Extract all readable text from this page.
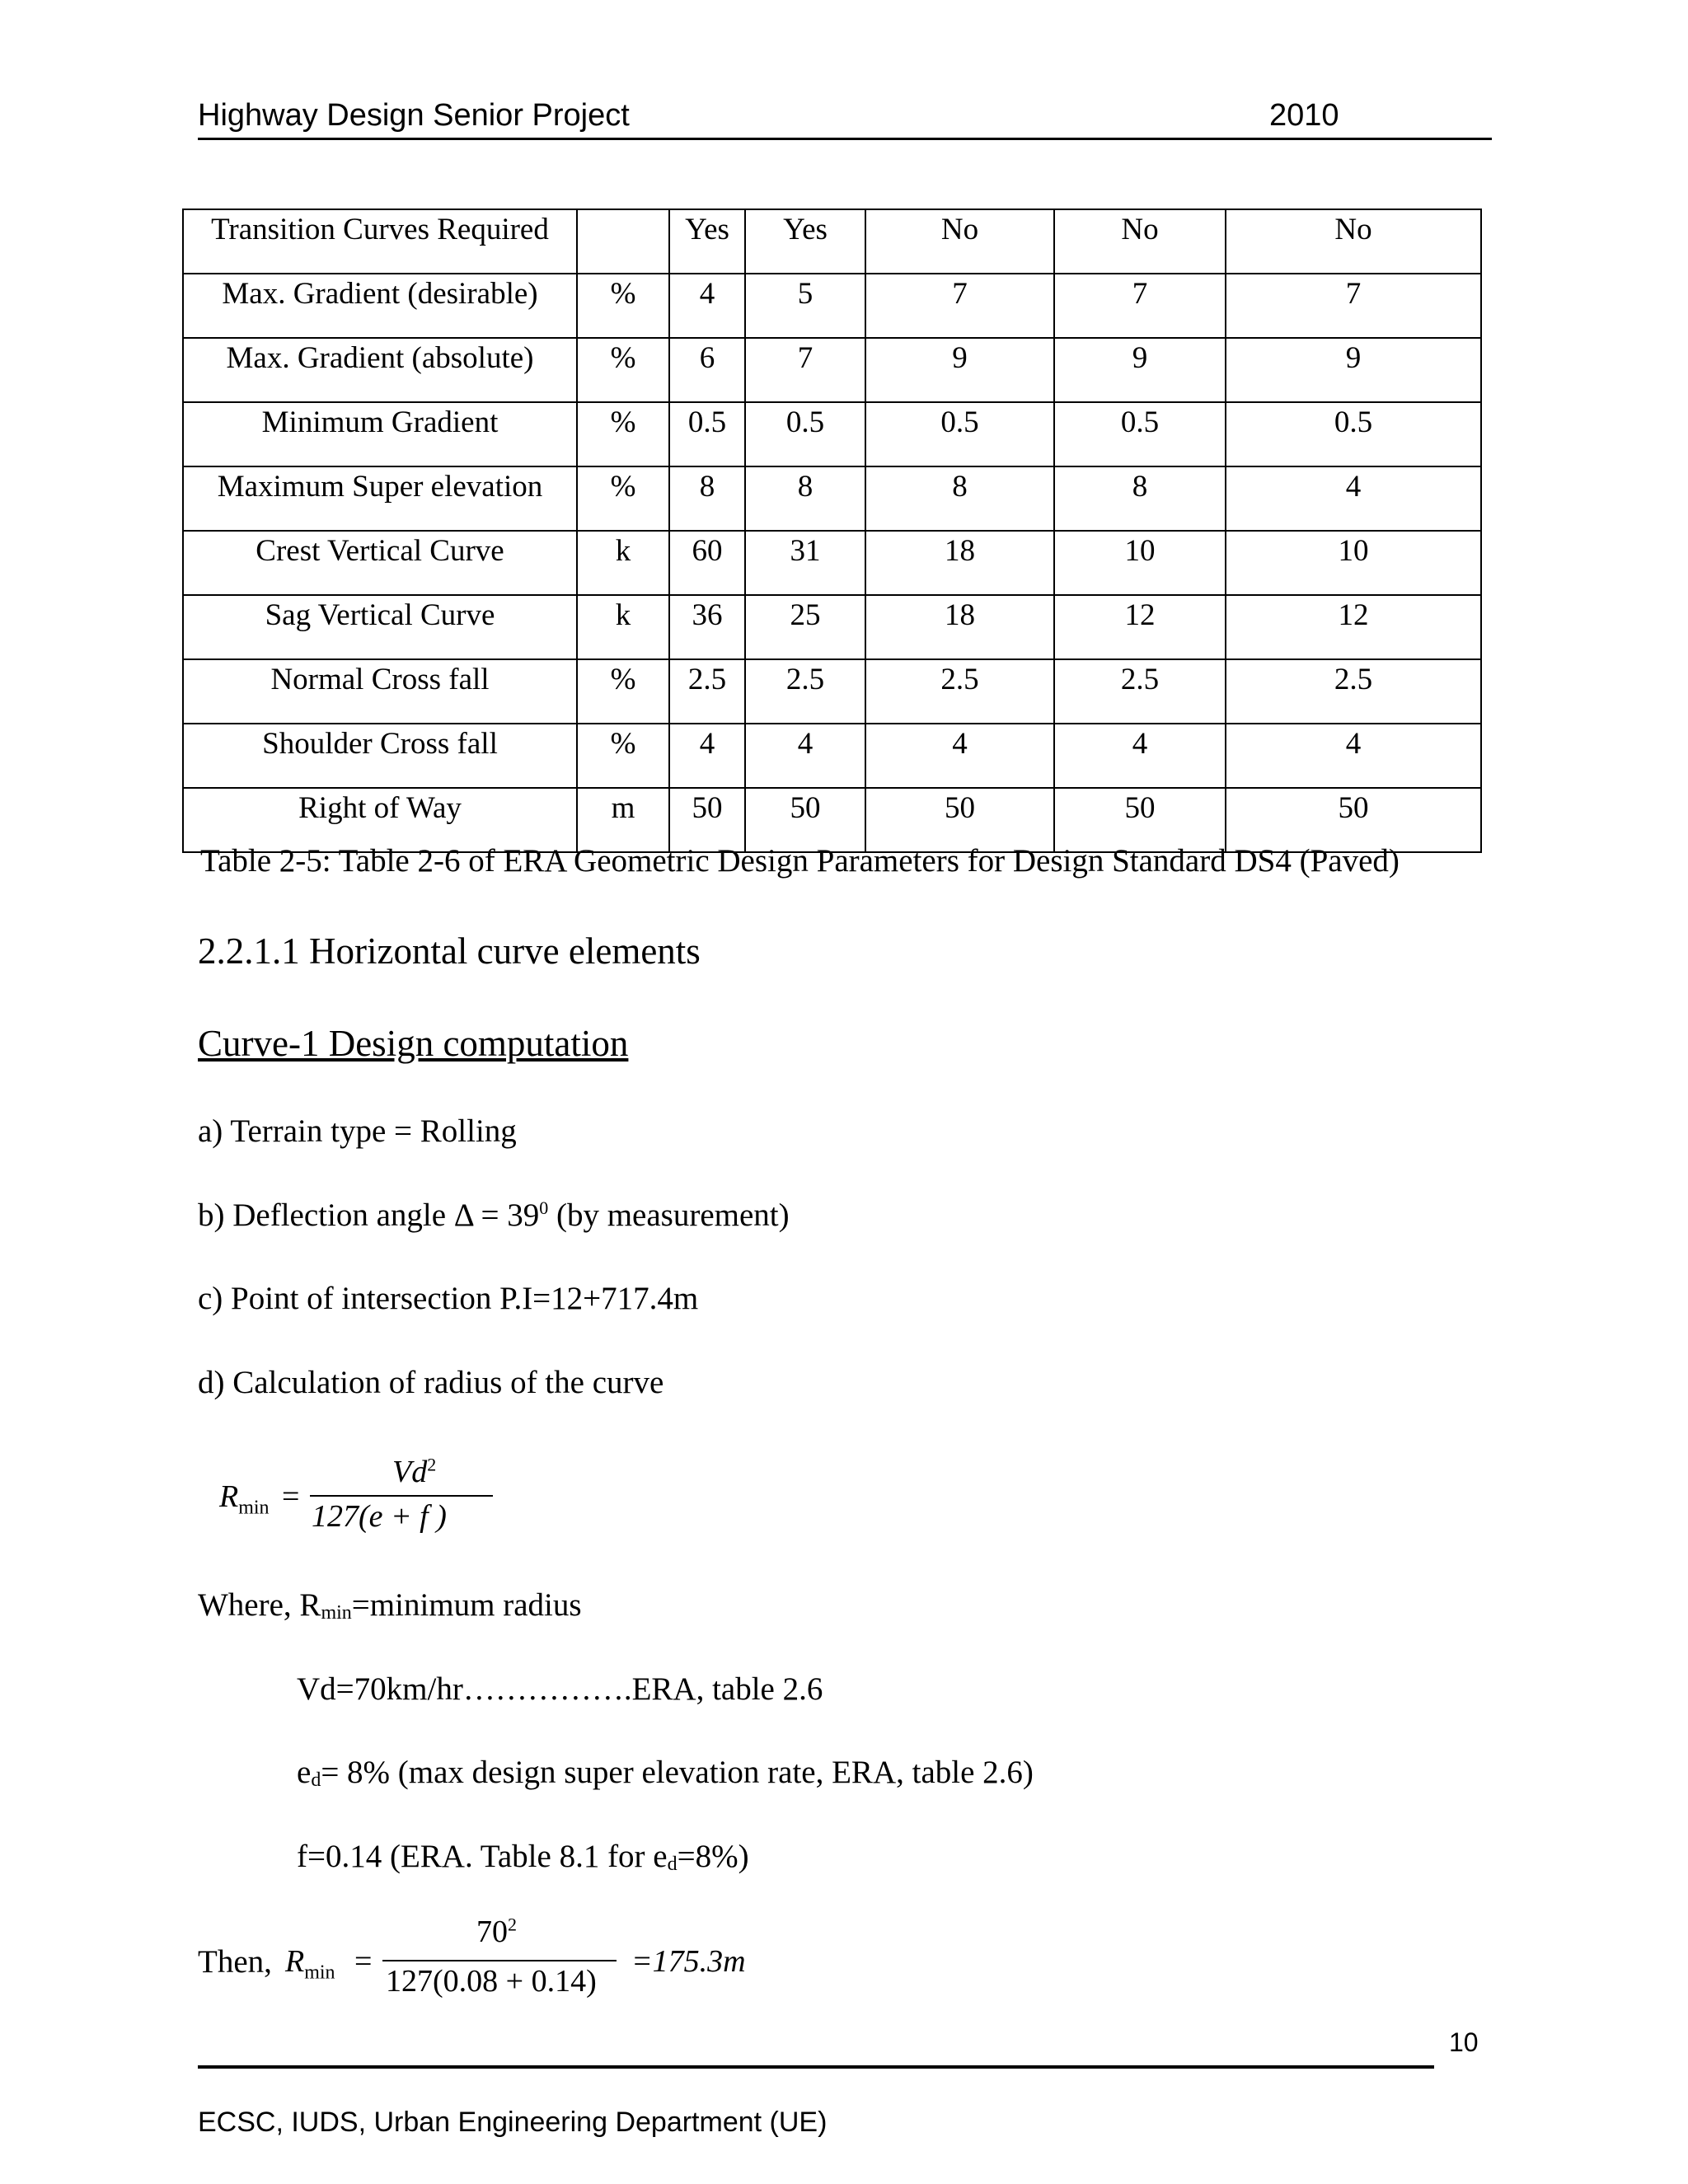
Highway Design Senior Project	2010
Transition Curves Required		Yes	Yes	No	No	No
Max. Gradient (desirable)	%	4	5	7	7	7
Max. Gradient (absolute)	%	6	7	9	9	9
Minimum Gradient	%	0.5	0.5	0.5	0.5	0.5
Maximum Super elevation	%	8	8	8	8	4
Crest Vertical Curve	k	60	31	18	10	10
Sag Vertical Curve	k	36	25	18	12	12
Normal Cross fall	%	2.5	2.5	2.5	2.5	2.5
Shoulder Cross fall	%	4	4	4	4	4
Right of Way	m	50	50	50	50	50
Table 2-5: Table 2-6 of ERA Geometric Design Parameters for Design Standard DS4 (Paved)
2.2.1.1 Horizontal curve elements
Curve-1 Design computation
a) Terrain type = Rolling
b) Deflection angle $\Delta = 39^0$ (by measurement)
c) Point of intersection P.I=12+717.4m
d) Calculation of radius of the curve
$R_{min}$ =
$Vd^2$
127(e + f )
Where, $R_{min}=minimum$ radius
Vd=70km/hr…………….ERA, table 2.6
$e_d= 8\%$ (max design super elevation rate, ERA, table 2.6)
f=0.14 (ERA. Table 8.1 for $e_d=8\%$)
Then, $R_{min}$ =
$70^2$
127(0.08 + 0.14)
=175.3m
10
ECSC, IUDS, Urban Engineering Department (UE)
